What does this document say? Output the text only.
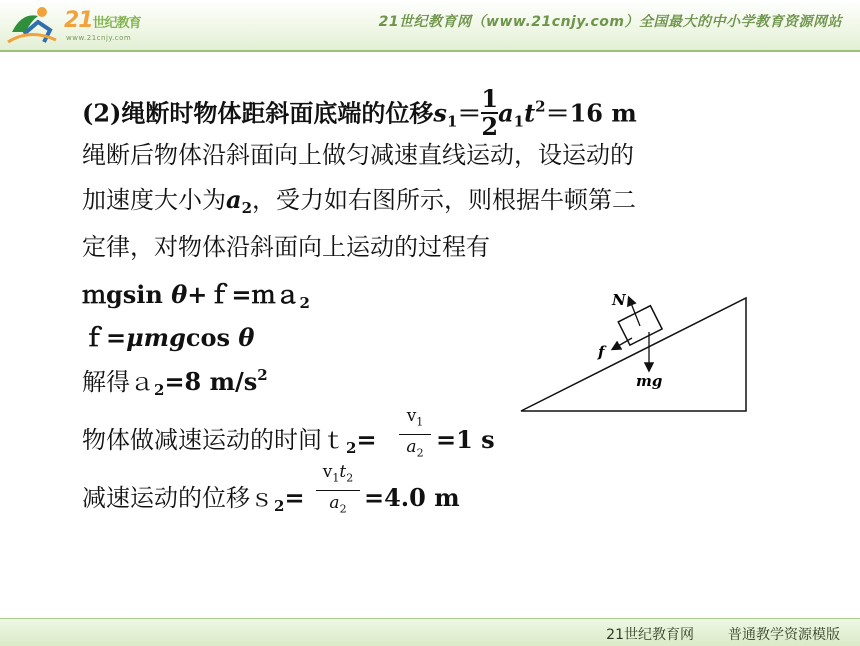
21世纪教育
www.21cnjy.com
21世纪教育网（www.21cnjy.com）全国最大的中小学教育资源网站
(2)绳断时物体距斜面底端的位移$s_1= \frac{1}{2} a_1t^2=16$ m
绳断后物体沿斜面向上做匀减速直线运动，设运动的
加速度大小为$a_2$，受力如右图所示，则根据牛顿第二
定律，对物体沿斜面向上运动的过程有
ｍgsin θ+ｆ=ｍａ$_2$
ｆ=μmgcos θ
解得ａ$_2$=8 $m/s^2$
物体做减速运动的时间ｔ$_2$=
$v_1$
$a_2 =1$ s
减速运动的位移ｓ$_2$=
$v_1t_2$
$a_2 =4.0$ m
N
f
mg
21世纪教育网 普通教学资源模版
